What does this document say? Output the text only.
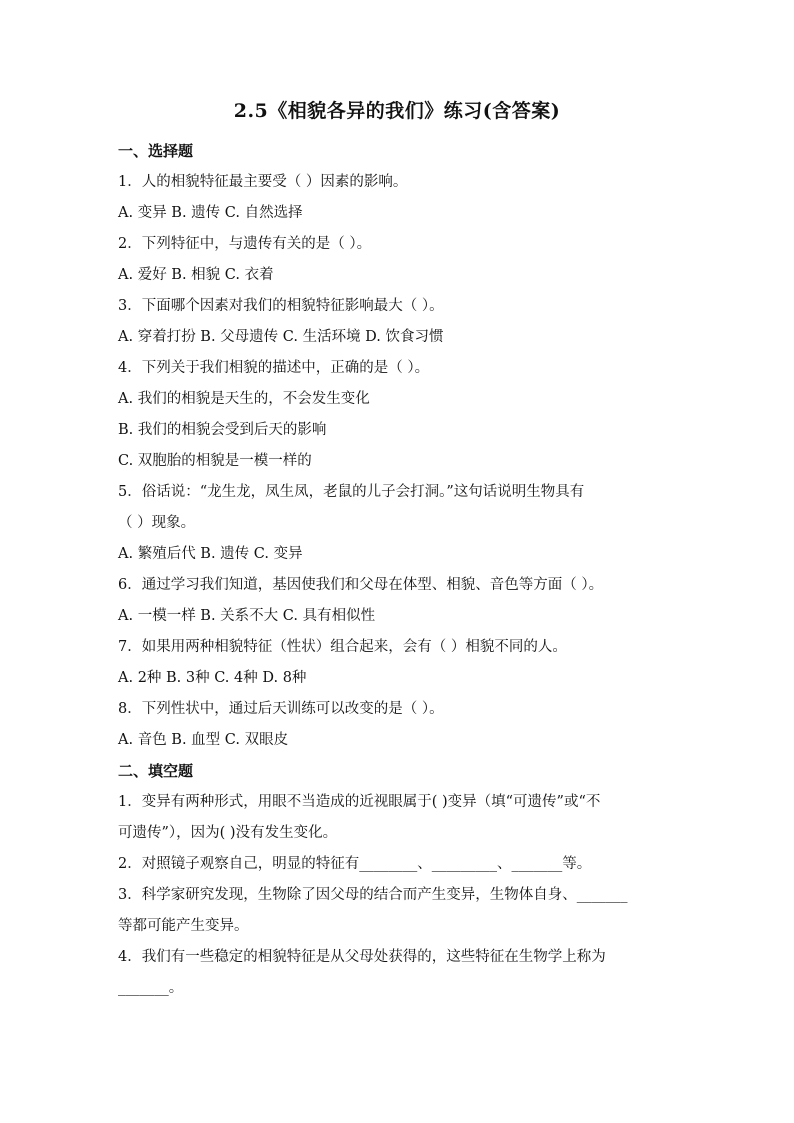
2.5《相貌各异的我们》练习(含答案)
一、选择题
1．人的相貌特征最主要受（ ）因素的影响。
A. 变异 B. 遗传 C. 自然选择
2．下列特征中，与遗传有关的是（ ）。
A. 爱好 B. 相貌 C. 衣着
3．下面哪个因素对我们的相貌特征影响最大（ ）。
A. 穿着打扮 B. 父母遗传 C. 生活环境 D. 饮食习惯
4．下列关于我们相貌的描述中，正确的是（ ）。
A. 我们的相貌是天生的，不会发生变化
B. 我们的相貌会受到后天的影响
C. 双胞胎的相貌是一模一样的
5．俗话说：“龙生龙，凤生凤，老鼠的儿子会打洞。”这句话说明生物具有
（ ）现象。
A. 繁殖后代 B. 遗传 C. 变异
6．通过学习我们知道，基因使我们和父母在体型、相貌、音色等方面（ ）。
A. 一模一样 B. 关系不大 C. 具有相似性
7．如果用两种相貌特征（性状）组合起来，会有（ ）相貌不同的人。
A. 2种 B. 3种 C. 4种 D. 8种
8．下列性状中，通过后天训练可以改变的是（ ）。
A. 音色 B. 血型 C. 双眼皮
二、填空题
1．变异有两种形式，用眼不当造成的近视眼属于( )变异（填“可遗传”或“不
可遗传”），因为( )没有发生变化。
2．对照镜子观察自己，明显的特征有________、_________、_______等。
3．科学家研究发现，生物除了因父母的结合而产生变异，生物体自身、_______
等都可能产生变异。
4．我们有一些稳定的相貌特征是从父母处获得的，这些特征在生物学上称为
_______。
